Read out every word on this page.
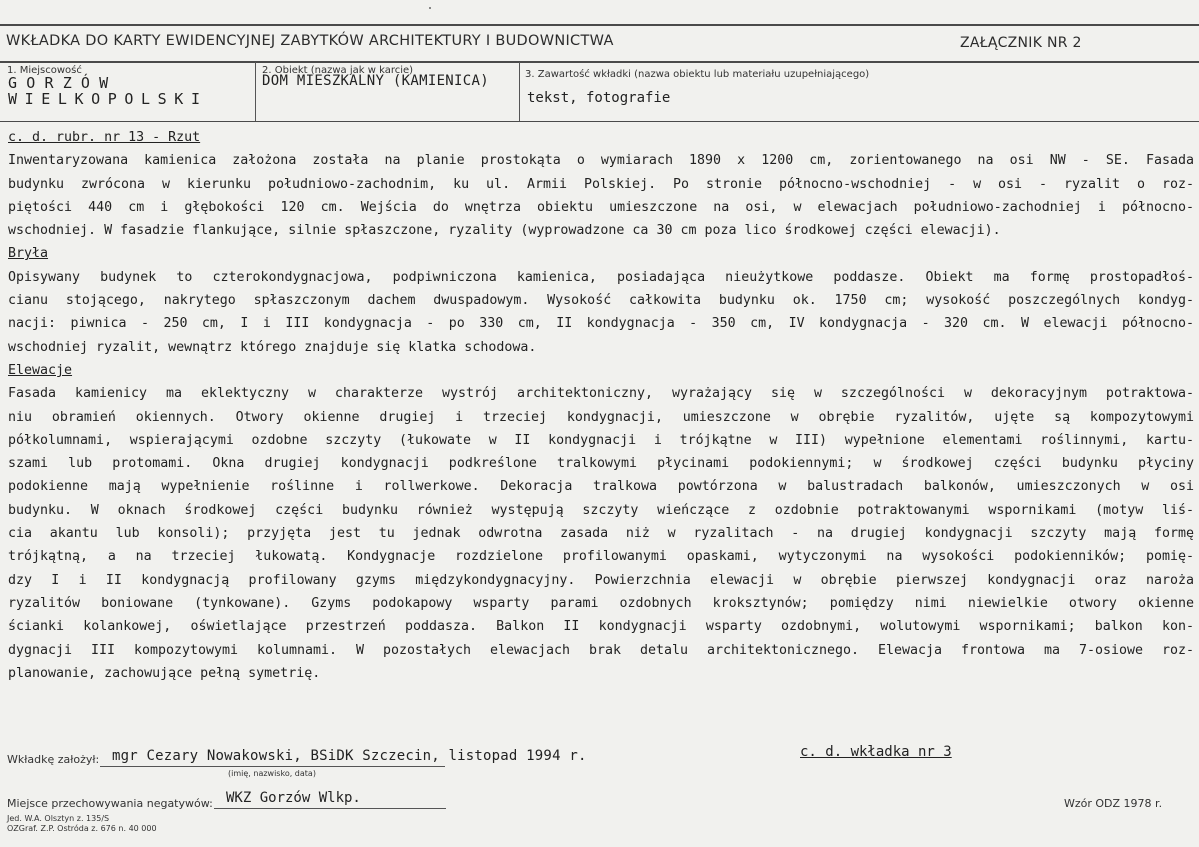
WKŁADKA DO KARTY EWIDENCYJNEJ ZABYTKÓW ARCHITEKTURY I BUDOWNICTWA	ZAŁĄCZNIK NR 2
1. Miejscowość
GORZÓW
WIELKOPOLSKI
2. Obiekt (nazwa jak w karcie)
DOM MIESZKALNY (KAMIENICA)	3. Zawartość wkładki (nazwa obiektu lub materiału uzupełniającego)
tekst, fotografie
c. d. rubr. nr 13 - Rzut
Inwentaryzowana kamienica założona została na planie prostokąta o wymiarach 1890 x 1200 cm, zorientowanego na osi NW - SE. Fasada
budynku zwrócona w kierunku południowo-zachodnim, ku ul. Armii Polskiej. Po stronie północno-wschodniej - w osi - ryzalit o roz-
piętości 440 cm i głębokości 120 cm. Wejścia do wnętrza obiektu umieszczone na osi, w elewacjach południowo-zachodniej i północno-
wschodniej. W fasadzie flankujące, silnie spłaszczone, ryzality (wyprowadzone ca 30 cm poza lico środkowej części elewacji).
Bryła
Opisywany budynek to czterokondygnacjowa, podpiwniczona kamienica, posiadająca nieużytkowe poddasze. Obiekt ma formę prostopadłoś-
cianu stojącego, nakrytego spłaszczonym dachem dwuspadowym. Wysokość całkowita budynku ok. 1750 cm; wysokość poszczególnych kondyg-
nacji: piwnica - 250 cm, I i III kondygnacja - po 330 cm, II kondygnacja - 350 cm, IV kondygnacja - 320 cm. W elewacji północno-
wschodniej ryzalit, wewnątrz którego znajduje się klatka schodowa.
Elewacje
Fasada kamienicy ma eklektyczny w charakterze wystrój architektoniczny, wyrażający się w szczególności w dekoracyjnym potraktowa-
niu obramień okiennych. Otwory okienne drugiej i trzeciej kondygnacji, umieszczone w obrębie ryzalitów, ujęte są kompozytowymi
półkolumnami, wspierającymi ozdobne szczyty (łukowate w II kondygnacji i trójkątne w III) wypełnione elementami roślinnymi, kartu-
szami lub protomami. Okna drugiej kondygnacji podkreślone tralkowymi płycinami podokiennymi; w środkowej części budynku płyciny
podokienne mają wypełnienie roślinne i rollwerkowe. Dekoracja tralkowa powtórzona w balustradach balkonów, umieszczonych w osi
budynku. W oknach środkowej części budynku również występują szczyty wieńczące z ozdobnie potraktowanymi wspornikami (motyw liś-
cia akantu lub konsoli); przyjęta jest tu jednak odwrotna zasada niż w ryzalitach - na drugiej kondygnacji szczyty mają formę
trójkątną, a na trzeciej łukowatą. Kondygnacje rozdzielone profilowanymi opaskami, wytyczonymi na wysokości podokienników; pomię-
dzy I i II kondygnacją profilowany gzyms międzykondygnacyjny. Powierzchnia elewacji w obrębie pierwszej kondygnacji oraz naroża
ryzalitów boniowane (tynkowane). Gzyms podokapowy wsparty parami ozdobnych kroksztynów; pomiędzy nimi niewielkie otwory okienne
ścianki kolankowej, oświetlające przestrzeń poddasza. Balkon II kondygnacji wsparty ozdobnymi, wolutowymi wspornikami; balkon kon-
dygnacji III kompozytowymi kolumnami. W pozostałych elewacjach brak detalu architektonicznego. Elewacja frontowa ma 7-osiowe roz-
planowanie, zachowujące pełną symetrię.
Wkładkę założył: mgr Cezary Nowakowski, BSiDK Szczecin, listopad 1994 r.
(imię, nazwisko, data)
c. d. wkładka nr 3
Miejsce przechowywania negatywów: WKZ Gorzów Wlkp.	Wzór ODZ 1978 r.
Jed. W.A. Olsztyn z. 135/S
OZGraf. Z.P. Ostróda z. 676 n. 40 000
